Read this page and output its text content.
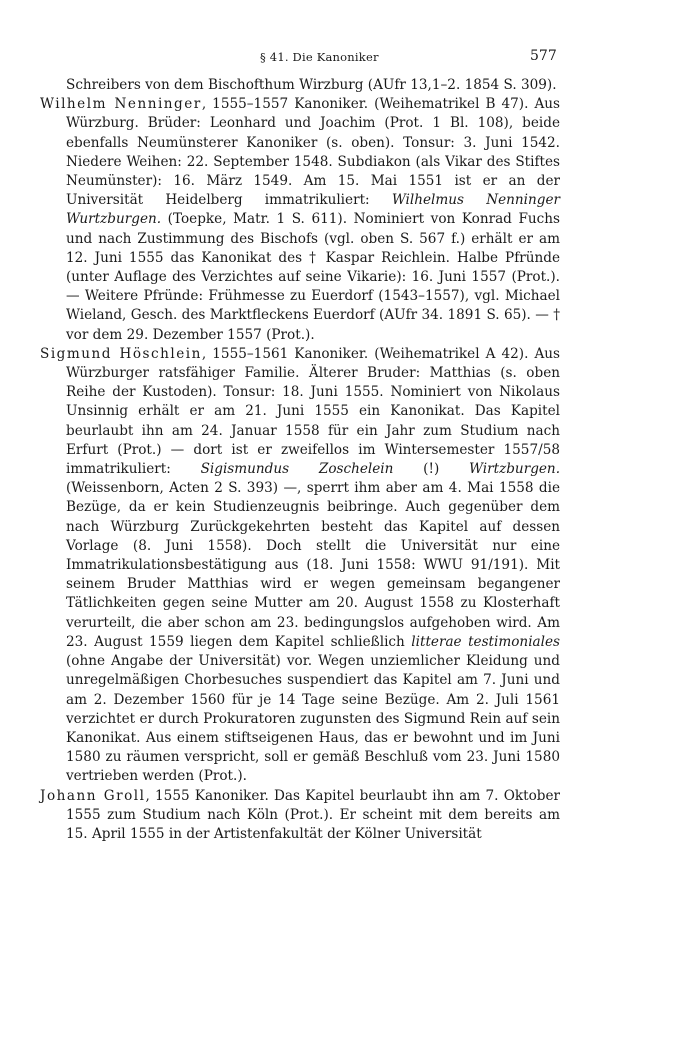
§ 41. Die Kanoniker	577

Schreibers von dem Bischofthum Wirzburg (AUfr 13,1–2. 1854 S. 309).

Wilhelm Nenninger, 1555–1557 Kanoniker. (Weihematrikel B 47). Aus Würzburg. Brüder: Leonhard und Joachim (Prot. 1 Bl. 108), beide ebenfalls Neumünsterer Kanoniker (s. oben). Tonsur: 3. Juni 1542. Niedere Weihen: 22. September 1548. Subdiakon (als Vikar des Stiftes Neumünster): 16. März 1549. Am 15. Mai 1551 ist er an der Universität Heidelberg immatrikuliert: Wilhelmus Nenninger Wurtzburgen. (Toepke, Matr. 1 S. 611). Nominiert von Konrad Fuchs und nach Zustimmung des Bischofs (vgl. oben S. 567 f.) erhält er am 12. Juni 1555 das Kanonikat des † Kaspar Reichlein. Halbe Pfründe (unter Auflage des Verzichtes auf seine Vikarie): 16. Juni 1557 (Prot.). — Weitere Pfründe: Frühmesse zu Euerdorf (1543–1557), vgl. Michael Wieland, Gesch. des Marktfleckens Euerdorf (AUfr 34. 1891 S. 65). — † vor dem 29. Dezember 1557 (Prot.).

Sigmund Höschlein, 1555–1561 Kanoniker. (Weihematrikel A 42). Aus Würzburger ratsfähiger Familie. Älterer Bruder: Matthias (s. oben Reihe der Kustoden). Tonsur: 18. Juni 1555. Nominiert von Nikolaus Unsinnig erhält er am 21. Juni 1555 ein Kanonikat. Das Kapitel beurlaubt ihn am 24. Januar 1558 für ein Jahr zum Studium nach Erfurt (Prot.) — dort ist er zweifellos im Wintersemester 1557/58 immatrikuliert: Sigismundus Zoschelein (!) Wirtzburgen. (Weissenborn, Acten 2 S. 393) —, sperrt ihm aber am 4. Mai 1558 die Bezüge, da er kein Studienzeugnis beibringe. Auch gegenüber dem nach Würzburg Zurückgekehrten besteht das Kapitel auf dessen Vorlage (8. Juni 1558). Doch stellt die Universität nur eine Immatrikulationsbestätigung aus (18. Juni 1558: WWU 91/191). Mit seinem Bruder Matthias wird er wegen gemeinsam begangener Tätlichkeiten gegen seine Mutter am 20. August 1558 zu Klosterhaft verurteilt, die aber schon am 23. bedingungslos aufgehoben wird. Am 23. August 1559 liegen dem Kapitel schließlich litterae testimoniales (ohne Angabe der Universität) vor. Wegen unziemlicher Kleidung und unregelmäßigen Chorbesuches suspendiert das Kapitel am 7. Juni und am 2. Dezember 1560 für je 14 Tage seine Bezüge. Am 2. Juli 1561 verzichtet er durch Prokuratoren zugunsten des Sigmund Rein auf sein Kanonikat. Aus einem stiftseigenen Haus, das er bewohnt und im Juni 1580 zu räumen verspricht, soll er gemäß Beschluß vom 23. Juni 1580 vertrieben werden (Prot.).

Johann Groll, 1555 Kanoniker. Das Kapitel beurlaubt ihn am 7. Oktober 1555 zum Studium nach Köln (Prot.). Er scheint mit dem bereits am 15. April 1555 in der Artistenfakultät der Kölner Universität
